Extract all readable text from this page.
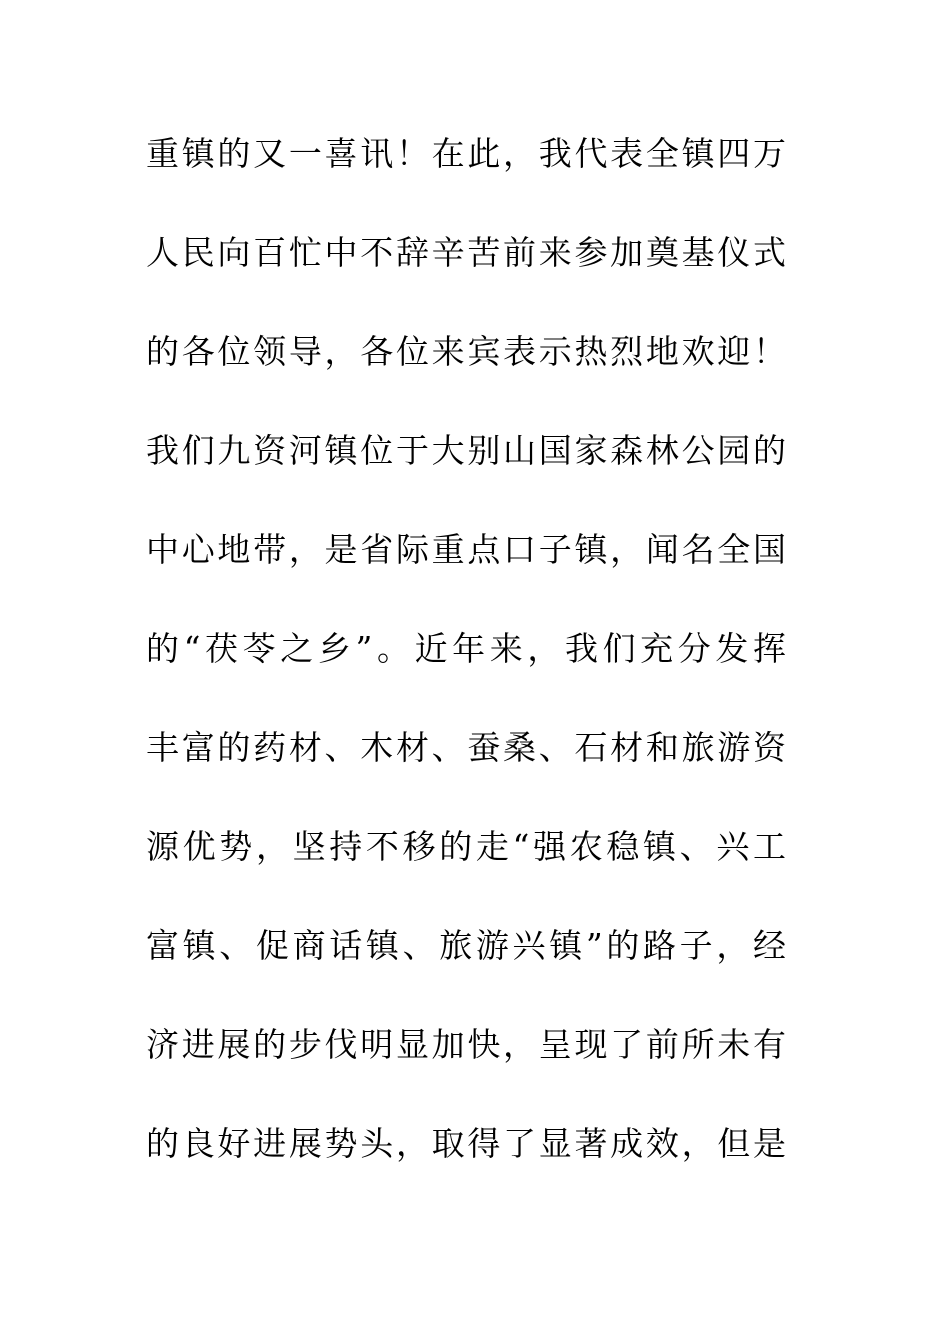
重镇的又一喜讯！在此，我代表全镇四万
人民向百忙中不辞辛苦前来参加奠基仪式
的各位领导，各位来宾表示热烈地欢迎！
我们九资河镇位于大别山国家森林公园的
中心地带，是省际重点口子镇，闻名全国
的“茯苓之乡”。近年来，我们充分发挥
丰富的药材、木材、蚕桑、石材和旅游资
源优势，坚持不移的走“强农稳镇、兴工
富镇、促商话镇、旅游兴镇”的路子，经
济进展的步伐明显加快，呈现了前所未有
的良好进展势头，取得了显著成效，但是
